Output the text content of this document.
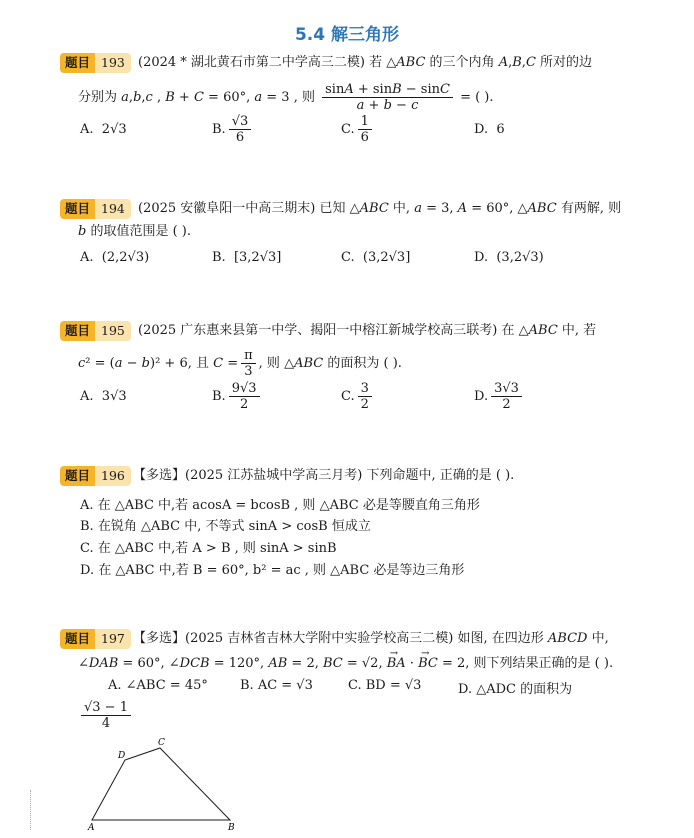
5.4 解三角形
题目 193	(2024 * 湖北黄石市第二中学高三二模) 若 △ABC 的三个内角 A,B,C 所对的边
分别为 a,b,c , B + C = 60°, a = 3 , 则 $\frac{\sin A + \sin B - \sin C}{a + b - c}$ = ( ).
A.  2√3	B. $\frac{√3}{6}$	C. $\frac{1}{6}$	D.  6
题目 194	(2025 安徽阜阳一中高三期末) 已知 △ABC 中, a = 3, A = 60°, △ABC 有两解, 则
b 的取值范围是 ( ).
A.  (2,2√3)	B.  [3,2√3]	C.  (3,2√3]	D.  (3,2√3)
题目 195	(2025 广东惠来县第一中学、揭阳一中榕江新城学校高三联考) 在 △ABC 中, 若
c² = (a − b)² + 6, 且 $C = \frac{\pi}{3}$ , 则 △ABC 的面积为 ( ).
A.  3√3	B. $\frac{9√3}{2}$	C. $\frac{3}{2}$	D. $\frac{3√3}{2}$
题目 196 【多选】(2025 江苏盐城中学高三月考) 下列命题中, 正确的是 ( ).
A. 在 △ABC 中,若 acosA = bcosB , 则 △ABC 必是等腰直角三角形
B. 在锐角 △ABC 中, 不等式 sinA > cosB 恒成立
C. 在 △ABC 中,若 A > B , 则 sinA > sinB
D. 在 △ABC 中,若 B = 60°, b² = ac , 则 △ABC 必是等边三角形
题目 197 【多选】(2025 吉林省吉林大学附中实验学校高三二模) 如图, 在四边形 ABCD 中,
∠DAB = 60°, ∠DCB = 120°, AB = 2, BC = √2, → BA · → BC = 2, 则下列结果正确的是 ( ).
A. ∠ABC = 45° B. AC = √3	C. BD = √3	D. △ADC 的面积为
$\frac{√3 - 1}{4}$
A	B
C
D
